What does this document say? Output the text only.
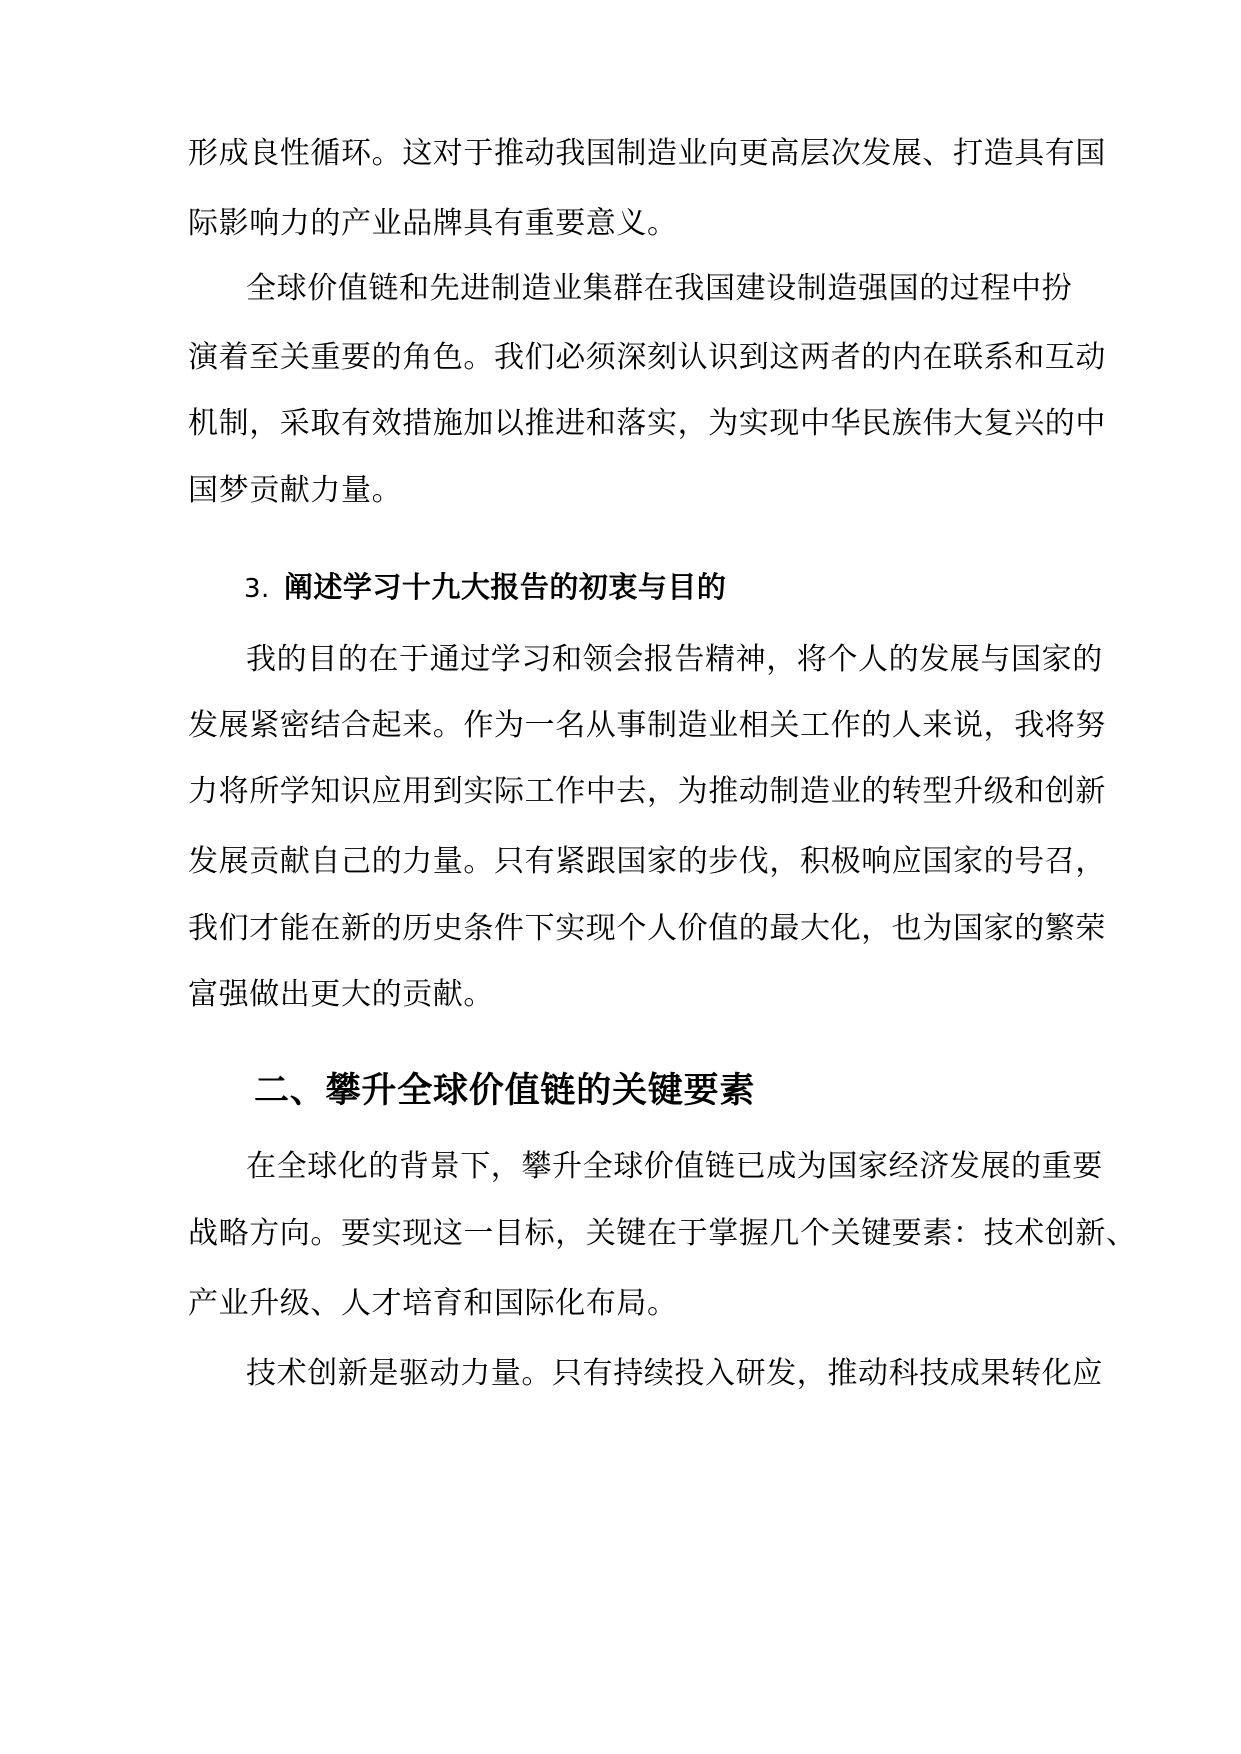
形成良性循环。这对于推动我国制造业向更高层次发展、打造具有国

际影响力的产业品牌具有重要意义。

全球价值链和先进制造业集群在我国建设制造强国的过程中扮

演着至关重要的角色。我们必须深刻认识到这两者的内在联系和互动

机制，采取有效措施加以推进和落实，为实现中华民族伟大复兴的中

国梦贡献力量。

3. 阐述学习十九大报告的初衷与目的

我的目的在于通过学习和领会报告精神，将个人的发展与国家的

发展紧密结合起来。作为一名从事制造业相关工作的人来说，我将努

力将所学知识应用到实际工作中去，为推动制造业的转型升级和创新

发展贡献自己的力量。只有紧跟国家的步伐，积极响应国家的号召，

我们才能在新的历史条件下实现个人价值的最大化，也为国家的繁荣

富强做出更大的贡献。

二、攀升全球价值链的关键要素

在全球化的背景下，攀升全球价值链已成为国家经济发展的重要

战略方向。要实现这一目标，关键在于掌握几个关键要素：技术创新、

产业升级、人才培育和国际化布局。

技术创新是驱动力量。只有持续投入研发，推动科技成果转化应
